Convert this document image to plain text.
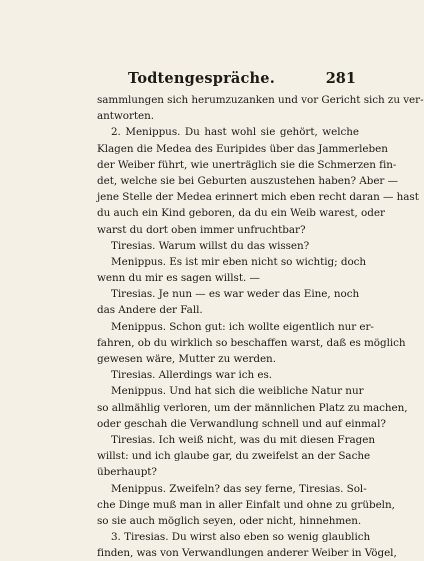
Todtengespräche.	281
sammlungen sich herumzuzanken und vor Gericht sich zu ver-
antworten.
2. Menippus. Du hast wohl sie gehört, welche
Klagen die Medea des Euripides über das Jammerleben
der Weiber führt, wie unerträglich sie die Schmerzen fin-
det, welche sie bei Geburten auszustehen haben? Aber —
jene Stelle der Medea erinnert mich eben recht daran — hast
du auch ein Kind geboren, da du ein Weib warest, oder
warst du dort oben immer unfruchtbar?
Tiresias. Warum willst du das wissen?
Menippus. Es ist mir eben nicht so wichtig; doch
wenn du mir es sagen willst. —
Tiresias. Je nun — es war weder das Eine, noch
das Andere der Fall.
Menippus. Schon gut: ich wollte eigentlich nur er-
fahren, ob du wirklich so beschaffen warst, daß es möglich
gewesen wäre, Mutter zu werden.
Tiresias. Allerdings war ich es.
Menippus. Und hat sich die weibliche Natur nur
so allmählig verloren, um der männlichen Platz zu machen,
oder geschah die Verwandlung schnell und auf einmal?
Tiresias. Ich weiß nicht, was du mit diesen Fragen
willst: und ich glaube gar, du zweifelst an der Sache
überhaupt?
Menippus. Zweifeln? das sey ferne, Tiresias. Sol-
che Dinge muß man in aller Einfalt und ohne zu grübeln,
so sie auch möglich seyen, oder nicht, hinnehmen.
3. Tiresias. Du wirst also eben so wenig glaublich
finden, was von Verwandlungen anderer Weiber in Vögel,
